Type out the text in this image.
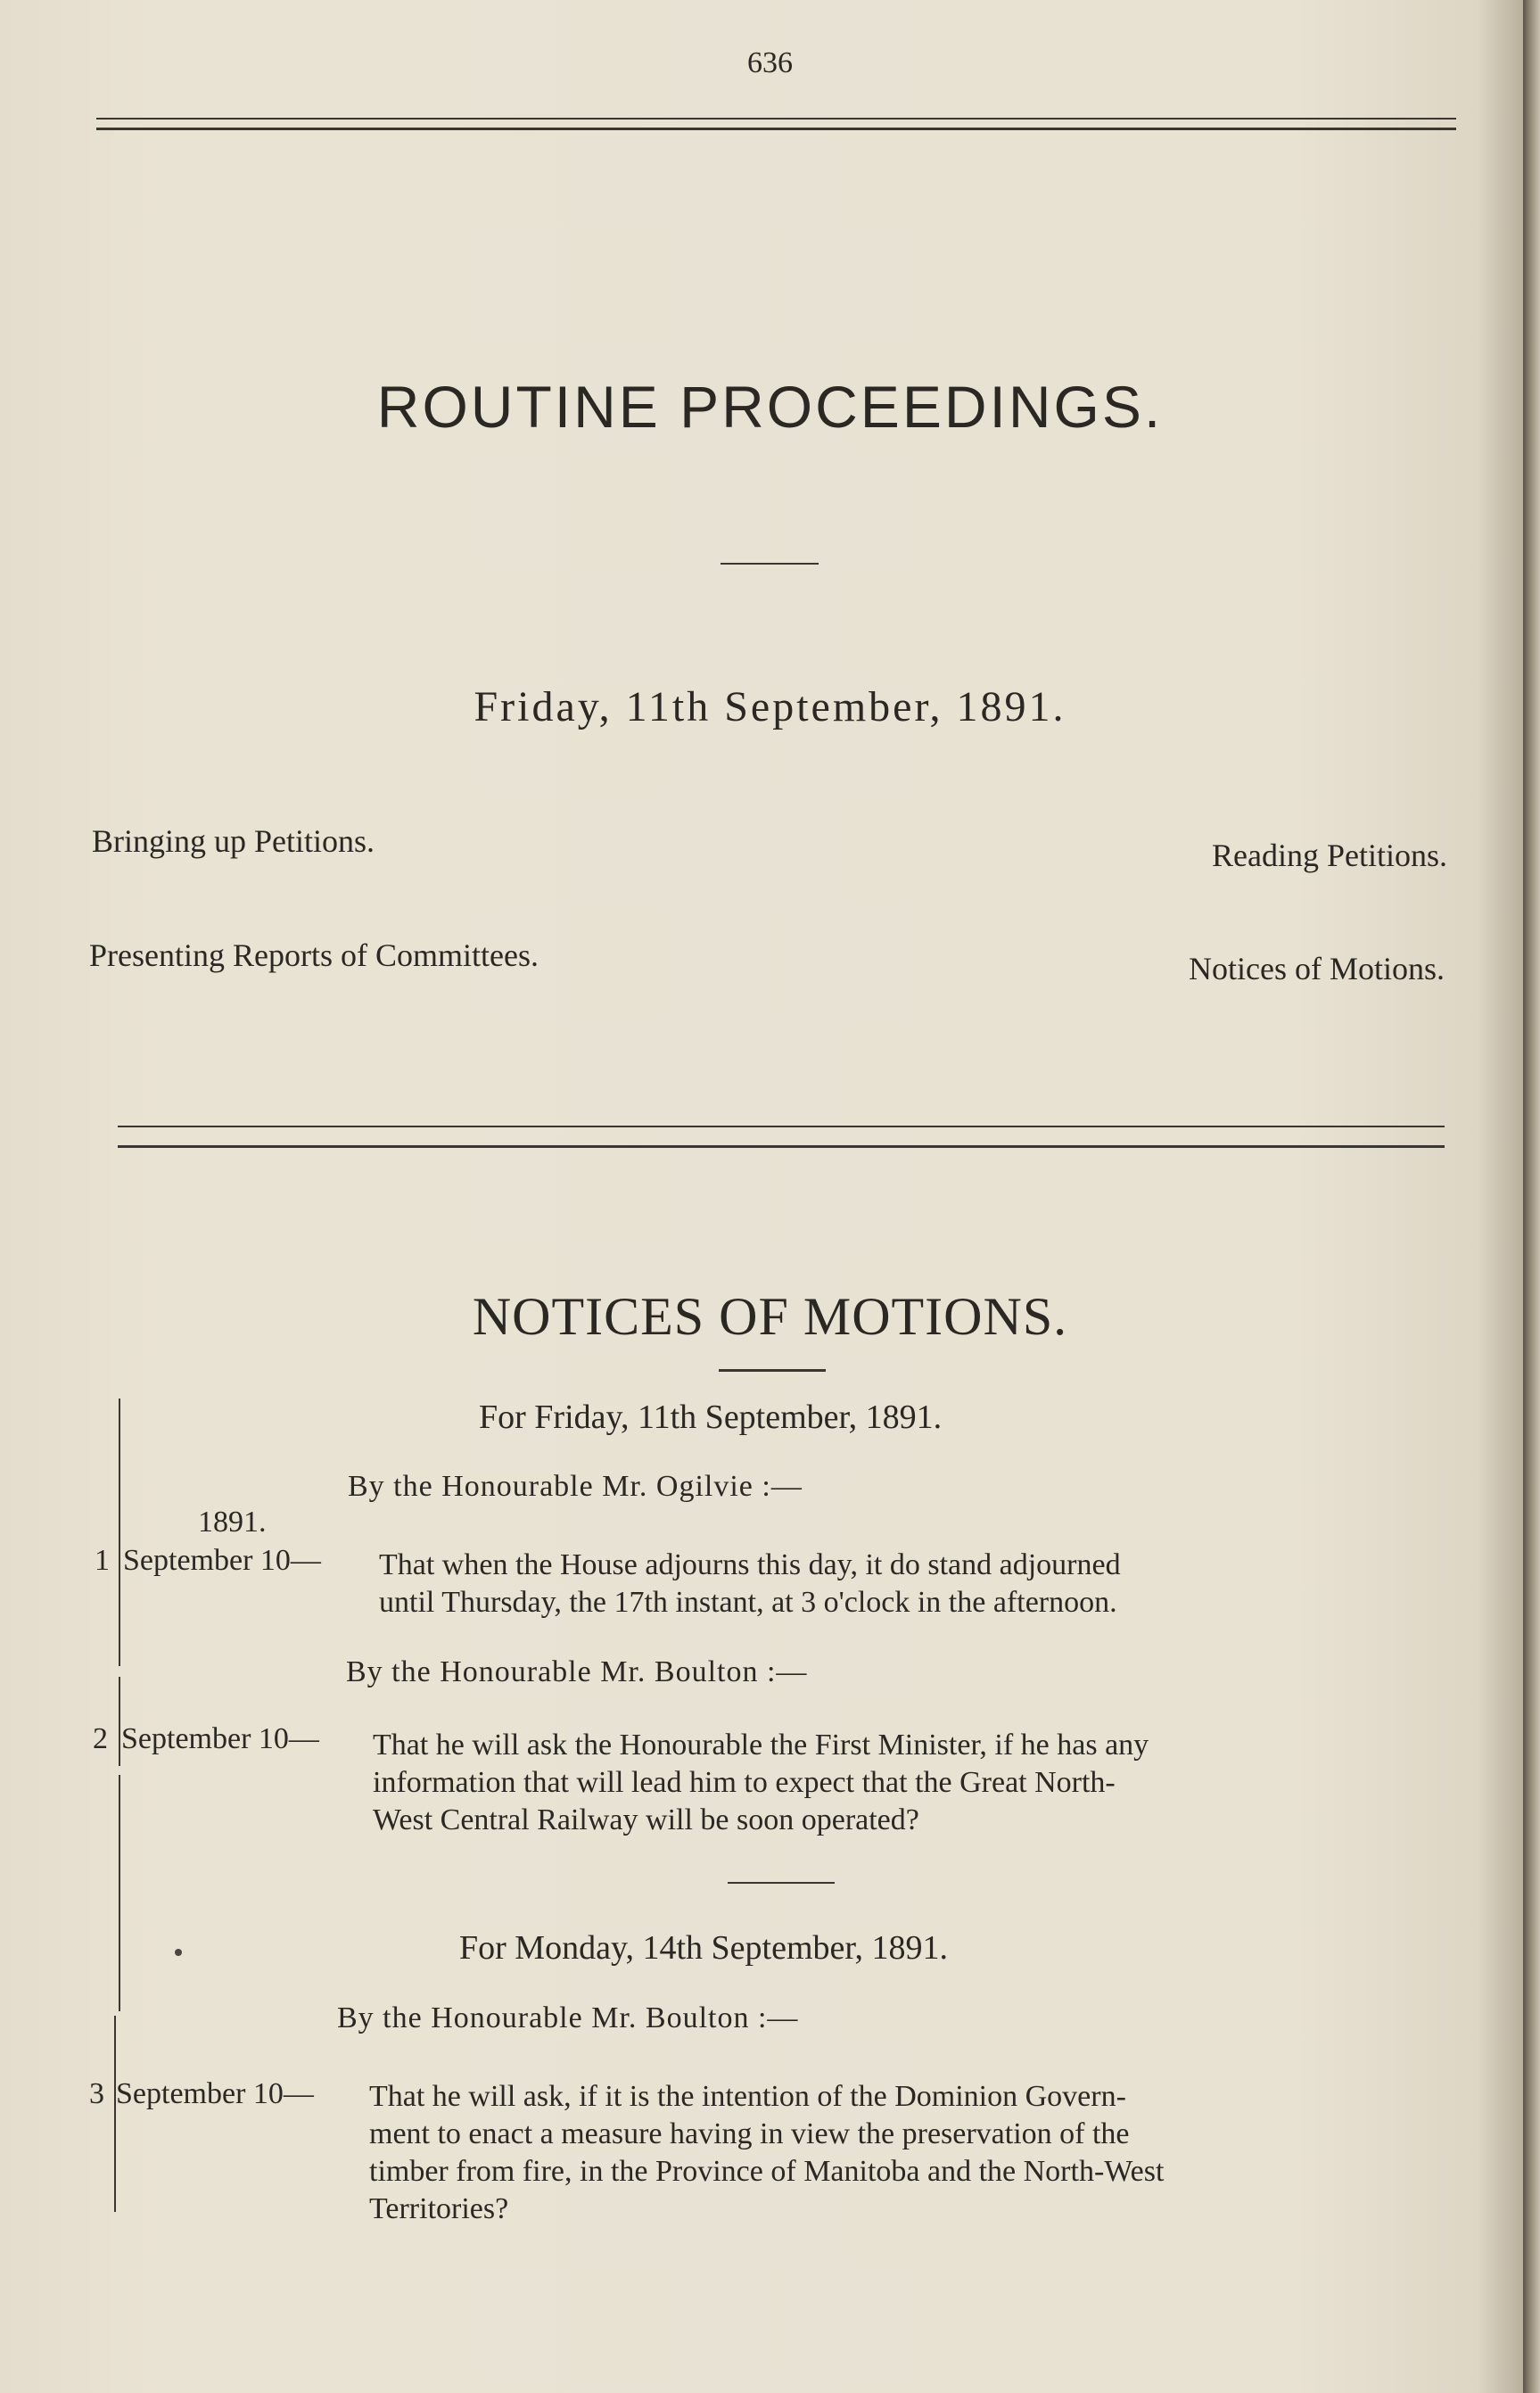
636
ROUTINE PROCEEDINGS.
Friday, 11th September, 1891.
Bringing up Petitions.	Reading Petitions.
Presenting Reports of Committees.	Notices of Motions.
NOTICES OF MOTIONS.
For Friday, 11th September, 1891.
By the Honourable Mr. Ogilvie :—
1891.
1 September 10— That when the House adjourns this day, it do stand adjourned
until Thursday, the 17th instant, at 3 o'clock in the afternoon.
By the Honourable Mr. Boulton :—
2 September 10— That he will ask the Honourable the First Minister, if he has any
information that will lead him to expect that the Great North-
West Central Railway will be soon operated?
For Monday, 14th September, 1891.
By the Honourable Mr. Boulton :—
3 September 10— That he will ask, if it is the intention of the Dominion Govern-
ment to enact a measure having in view the preservation of the
timber from fire, in the Province of Manitoba and the North-West
Territories?
